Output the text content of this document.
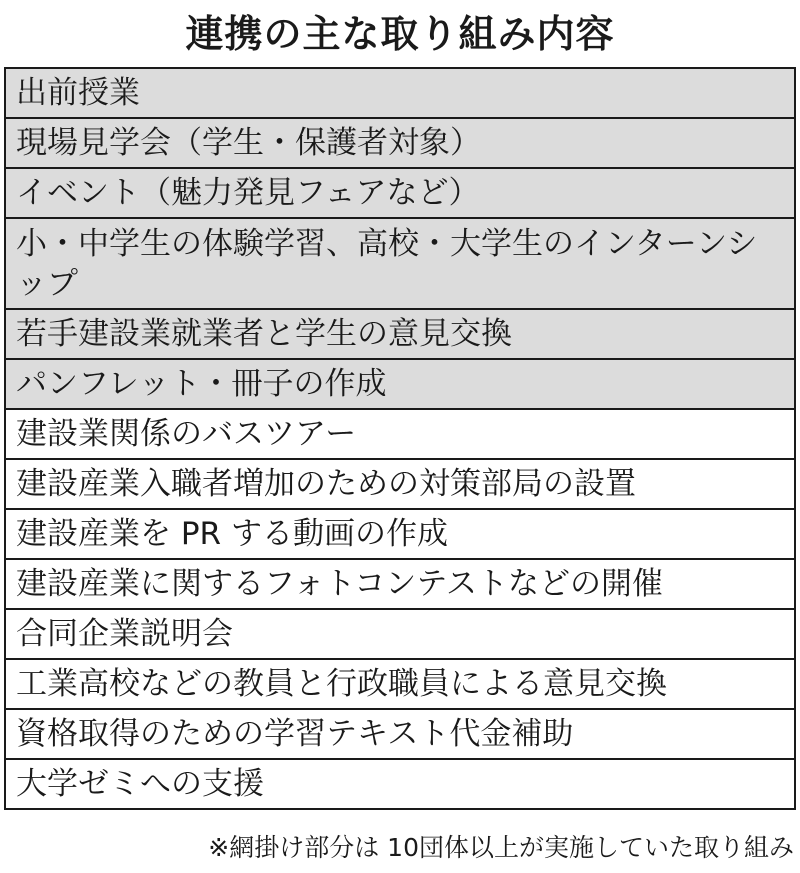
連携の主な取り組み内容
出前授業
現場見学会（学生・保護者対象）
イベント（魅力発見フェアなど）
小・中学生の体験学習、高校・大学生のインターンシップ
若手建設業就業者と学生の意見交換
パンフレット・冊子の作成
建設業関係のバスツアー
建設産業入職者増加のための対策部局の設置
建設産業を PR する動画の作成
建設産業に関するフォトコンテストなどの開催
合同企業説明会
工業高校などの教員と行政職員による意見交換
資格取得のための学習テキスト代金補助
大学ゼミへの支援
※網掛け部分は 10団体以上が実施していた取り組み
